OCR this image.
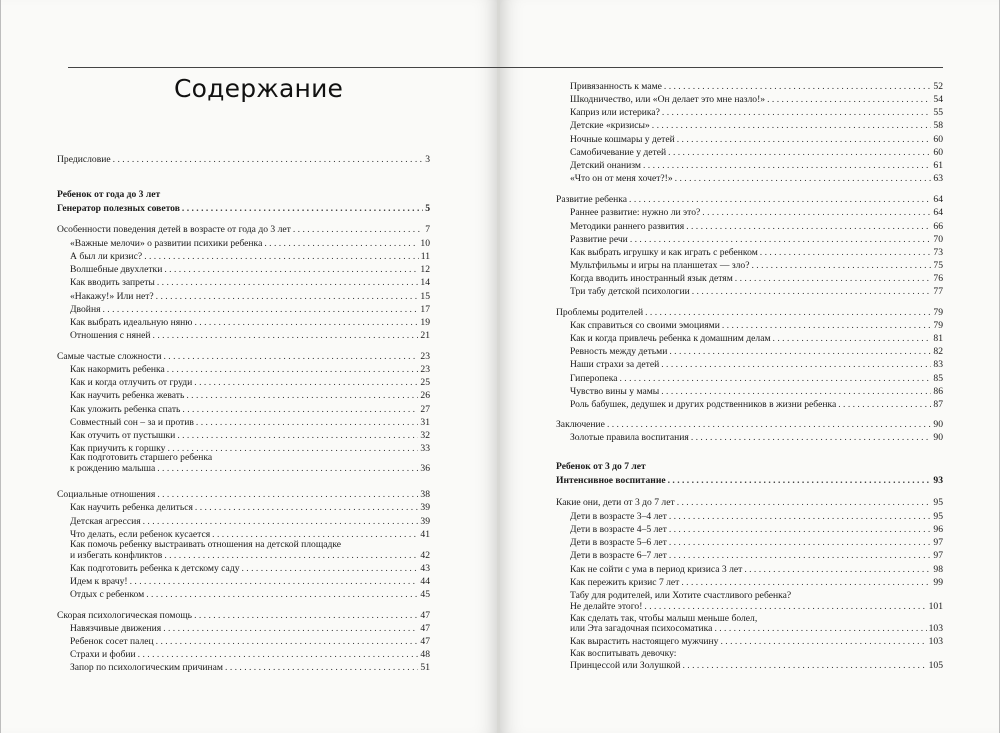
Содержание
Предисловие . . .	3
Ребенок от года до 3 лет
Генератор полезных советов . . .	5
Особенности поведения детей в возрасте от года до 3 лет . . .	7
«Важные мелочи» о развитии психики ребенка . . .	10
А был ли кризис? . . .	11
Волшебные двухлетки . . .	12
Как вводить запреты . . .	14
«Накажу!» Или нет? . . .	15
Двойня . . .	17
Как выбрать идеальную няню . . .	19
Отношения с няней . . .	21
Самые частые сложности . . .	23
Как накормить ребенка . . .	23
Как и когда отлучить от груди . . .	25
Как научить ребенка жевать . . .	26
Как уложить ребенка спать . . .	27
Совместный сон – за и против . . .	31
Как отучить от пустышки . . .	32
Как приучить к горшку . . .	33
Как подготовить старшего ребенка
к рождению малыша . . .	36
Социальные отношения . . .	38
Как научить ребенка делиться . . .	39
Детская агрессия . . .	39
Что делать, если ребенок кусается . . .	41
Как помочь ребенку выстраивать отношения на детской площадке
и избегать конфликтов . . .	42
Как подготовить ребенка к детскому саду . . .	43
Идем к врачу! . . .	44
Отдых с ребенком . . .	45
Скорая психологическая помощь . . .	47
Навязчивые движения . . .	47
Ребенок сосет палец . . .	47
Страхи и фобии . . .	48
Запор по психологическим причинам . . .	51
Привязанность к маме . . .	52
Шкодничество, или «Он делает это мне назло!» . . .	54
Каприз или истерика? . . .	55
Детские «кризисы» . . .	58
Ночные кошмары у детей . . .	60
Самобичевание у детей . . .	60
Детский онанизм . . .	61
«Что он от меня хочет?!» . . .	63
Развитие ребенка . . .	64
Раннее развитие: нужно ли это? . . .	64
Методики раннего развития . . .	66
Развитие речи . . .	70
Как выбрать игрушку и как играть с ребенком . . .	73
Мультфильмы и игры на планшетах — зло? . . .	75
Когда вводить иностранный язык детям . . .	76
Три табу детской психологии . . .	77
Проблемы родителей . . .	79
Как справиться со своими эмоциями . . .	79
Как и когда привлечь ребенка к домашним делам . . .	81
Ревность между детьми . . .	82
Наши страхи за детей . . .	83
Гиперопека . . .	85
Чувство вины у мамы . . .	86
Роль бабушек, дедушек и других родственников в жизни ребенка . . .	87
Заключение . . .	90
Золотые правила воспитания . . .	90
Ребенок от 3 до 7 лет
Интенсивное воспитание . . .	93
Какие они, дети от 3 до 7 лет . . .	95
Дети в возрасте 3–4 лет . . .	95
Дети в возрасте 4–5 лет . . .	96
Дети в возрасте 5–6 лет . . .	97
Дети в возрасте 6–7 лет . . .	97
Как не сойти с ума в период кризиса 3 лет . . .	98
Как пережить кризис 7 лет . . .	99
Табу для родителей, или Хотите счастливого ребенка?
Не делайте этого! . . .	101
Как сделать так, чтобы малыш меньше болел,
или Эта загадочная психосоматика . . .	103
Как вырастить настоящего мужчину . . .	103
Как воспитывать девочку:
Принцессой или Золушкой . . .	105
